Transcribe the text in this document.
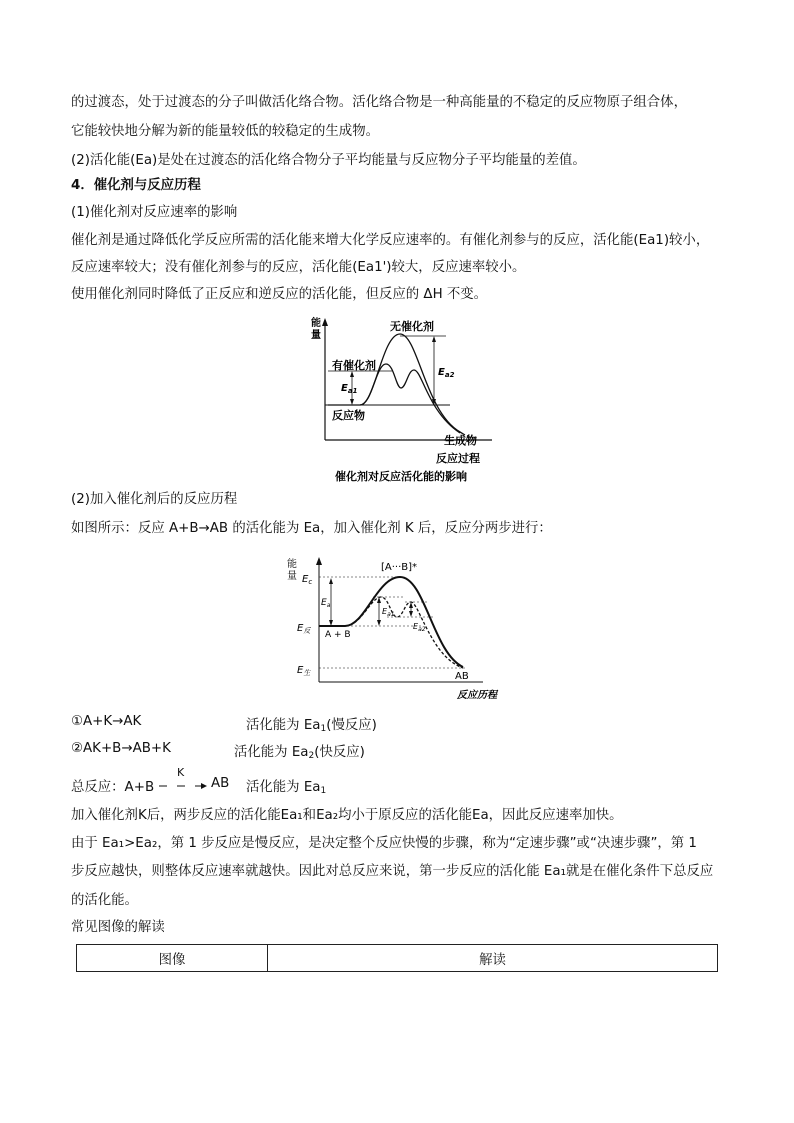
的过渡态，处于过渡态的分子叫做活化络合物。活化络合物是一种高能量的不稳定的反应物原子组合体，
它能较快地分解为新的能量较低的较稳定的生成物。
(2)活化能(Ea)是处在过渡态的活化络合物分子平均能量与反应物分子平均能量的差值。
4．催化剂与反应历程
(1)催化剂对反应速率的影响
催化剂是通过降低化学反应所需的活化能来增大化学反应速率的。有催化剂参与的反应，活化能(Ea1)较小，
反应速率较大；没有催化剂参与的反应，活化能(Ea1')较大，反应速率较小。
使用催化剂同时降低了正反应和逆反应的活化能，但反应的 ΔH 不变。
能
量
无催化剂
有催化剂
$E_{a1}$
$E_{a2}$
反应物
生成物
反应过程
催化剂对反应活化能的影响
(2)加入催化剂后的反应历程
如图所示：反应 A+B→AB 的活化能为 Ea，加入催化剂 K 后，反应分两步进行：
能
量 $E_c$
$E_a$
$E_反$
$E_生$
[A···B]*
A + B
$E_{a1}$
$E_{a2}$
AB
反应历程
①A+K→AK	活化能为 $Ea_1$(慢反应)
②AK+B→AB+K	活化能为 $Ea_2$(快反应)
总反应：A+B
K
AB 活化能为 $Ea_1$
加入催化剂K后，两步反应的活化能Ea₁和Ea₂均小于原反应的活化能Ea，因此反应速率加快。
由于 Ea₁>Ea₂，第 1 步反应是慢反应，是决定整个反应快慢的步骤，称为“定速步骤”或“决速步骤”，第 1
步反应越快，则整体反应速率就越快。因此对总反应来说，第一步反应的活化能 Ea₁就是在催化条件下总反应
的活化能。
常见图像的解读
图像	解读
